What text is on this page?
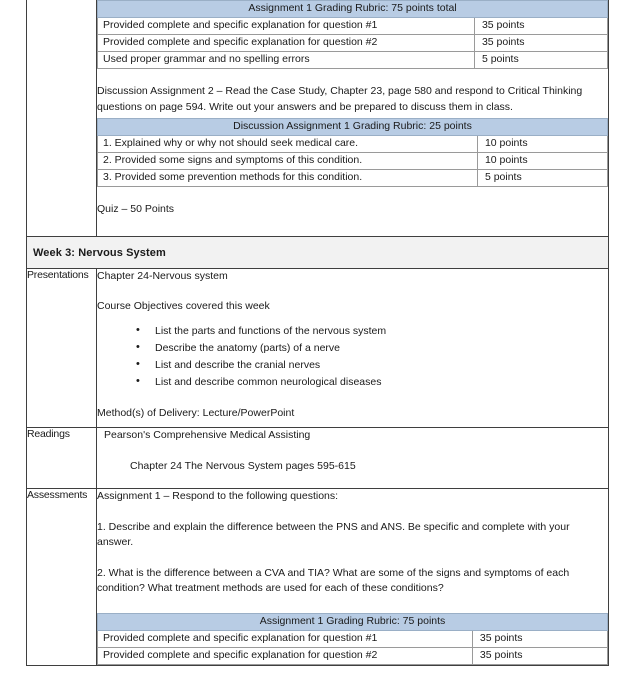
Assignment 1 Grading Rubric: 75 points total
Provided complete and specific explanation for question #1	35 points
Provided complete and specific explanation for question #2	35 points
Used proper grammar and no spelling errors	5 points

Discussion Assignment 2 – Read the Case Study, Chapter 23, page 580 and respond to Critical Thinking questions on page 594. Write out your answers and be prepared to discuss them in class.

Discussion Assignment 1 Grading Rubric: 25 points
1. Explained why or why not should seek medical care.	10 points
2. Provided some signs and symptoms of this condition.	10 points
3. Provided some prevention methods for this condition.	5 points

Quiz – 50 Points

Week 3: Nervous System
Presentations	Chapter 24-Nervous system

Course Objectives covered this week

• List the parts and functions of the nervous system
• Describe the anatomy (parts) of a nerve
• List and describe the cranial nerves
• List and describe common neurological diseases

Method(s) of Delivery: Lecture/PowerPoint

Readings	Pearson's Comprehensive Medical Assisting

Chapter 24 The Nervous System pages 595-615

Assessments	Assignment 1 – Respond to the following questions:

1. Describe and explain the difference between the PNS and ANS. Be specific and complete with your answer.

2. What is the difference between a CVA and TIA? What are some of the signs and symptoms of each condition? What treatment methods are used for each of these conditions?

Assignment 1 Grading Rubric: 75 points
Provided complete and specific explanation for question #1	35 points
Provided complete and specific explanation for question #2	35 points
